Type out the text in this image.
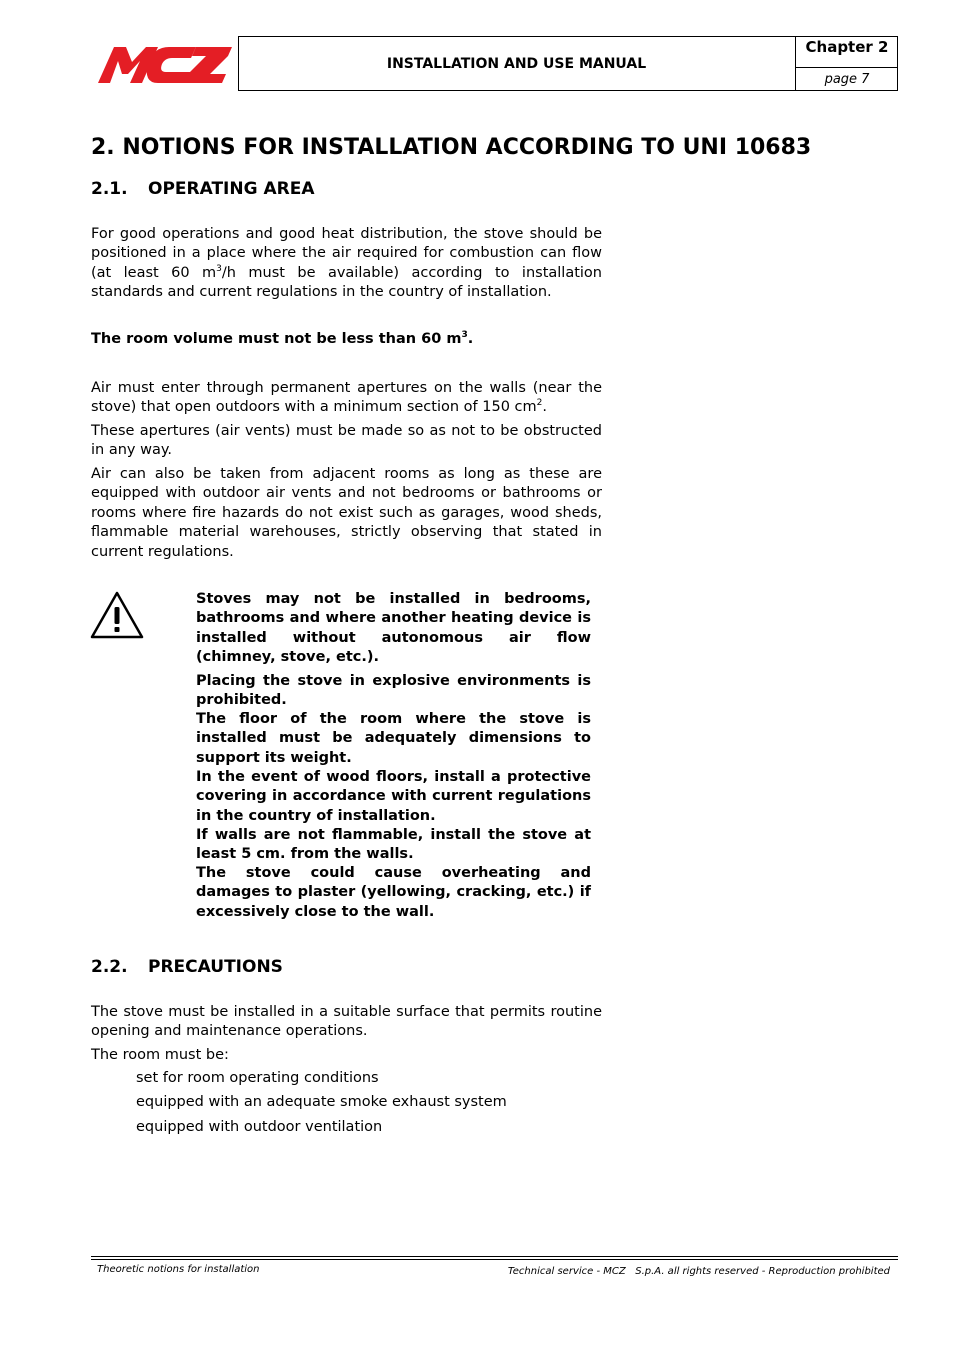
INSTALLATION AND USE MANUAL
Chapter 2
page 7
2. NOTIONS FOR INSTALLATION ACCORDING TO UNI 10683
2.1. OPERATING AREA
For good operations and good heat distribution, the stove should be positioned in a place where the air required for combustion can flow (at least 60 $m^3/h$ must be available) according to installation standards and current regulations in the country of installation.
The room volume must not be less than 60 $m^3$.
Air must enter through permanent apertures on the walls (near the stove) that open outdoors with a minimum section of 150 $cm^2$.
These apertures (air vents) must be made so as not to be obstructed in any way.
Air can also be taken from adjacent rooms as long as these are equipped with outdoor air vents and not bedrooms or bathrooms or rooms where fire hazards do not exist such as garages, wood sheds, flammable material warehouses, strictly observing that stated in current regulations.
Stoves may not be installed in bedrooms, bathrooms and where another heating device is installed without autonomous air flow (chimney, stove, etc.).
Placing the stove in explosive environments is prohibited.
The floor of the room where the stove is installed must be adequately dimensions to support its weight.
In the event of wood floors, install a protective covering in accordance with current regulations in the country of installation.
If walls are not flammable, install the stove at least 5 cm. from the walls.
The stove could cause overheating and damages to plaster (yellowing, cracking, etc.) if excessively close to the wall.
2.2. PRECAUTIONS
The stove must be installed in a suitable surface that permits routine opening and maintenance operations.
The room must be:
set for room operating conditions
equipped with an adequate smoke exhaust system
equipped with outdoor ventilation
Theoretic notions for installation	Technical service - MCZ   S.p.A. all rights reserved - Reproduction prohibited
